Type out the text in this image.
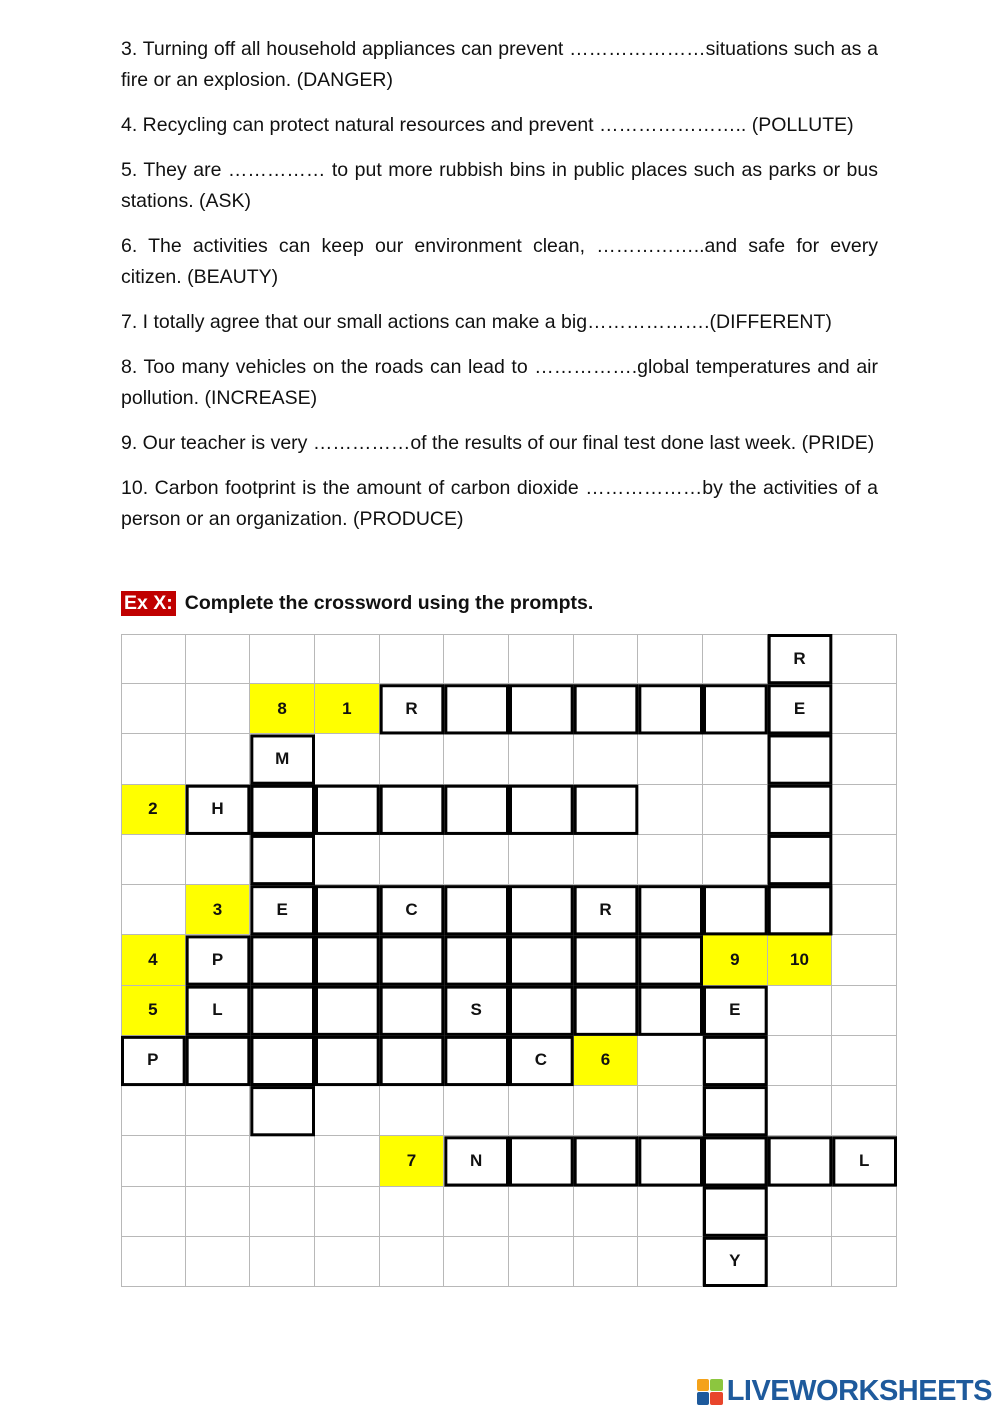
3. Turning off all household appliances can prevent …………………situations such as a fire or an explosion. (DANGER)

4. Recycling can protect natural resources and prevent ………………….. (POLLUTE)

5. They are …………… to put more rubbish bins in public places such as parks or bus stations. (ASK)

6. The activities can keep our environment clean, ……………..and safe for every citizen. (BEAUTY)

7. I totally agree that our small actions can make a big……………….(DIFFERENT)

8. Too many vehicles on the roads can lead to …………….global temperatures and air pollution. (INCREASE)

9. Our teacher is very ……………of the results of our final test done last week. (PRIDE)

10. Carbon footprint is the amount of carbon dioxide ………………by the activities of a person or an organization. (PRODUCE)

Ex X: Complete the crossword using the prompts.
R
8	1	R	E
M
2	H
3	E	C	R
4	P	9	10
5	L	S	E
P	C	6
7	N	L
Y
LIVEWORKSHEETS
